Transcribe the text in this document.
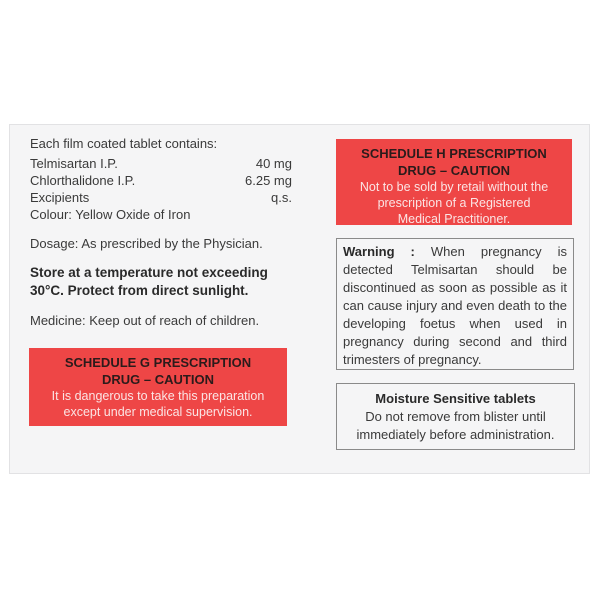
Each film coated tablet contains:
Telmisartan I.P.	40 mg
Chlorthalidone I.P.	6.25 mg
Excipients	q.s.
Colour: Yellow Oxide of Iron
Dosage: As prescribed by the Physician.
Store at a temperature not exceeding
30°C. Protect from direct sunlight.
Medicine: Keep out of reach of children.
SCHEDULE G PRESCRIPTION
DRUG – CAUTION
It is dangerous to take this preparation
except under medical supervision.
SCHEDULE H PRESCRIPTION
DRUG – CAUTION
Not to be sold by retail without the
prescription of a Registered
Medical Practitioner.
Warning : When pregnancy is detected Telmisartan should be discontinued as soon as possible as it can cause injury and even death to the developing foetus when used in pregnancy during second and third trimesters of pregnancy.
Moisture Sensitive tablets
Do not remove from blister until
immediately before administration.
